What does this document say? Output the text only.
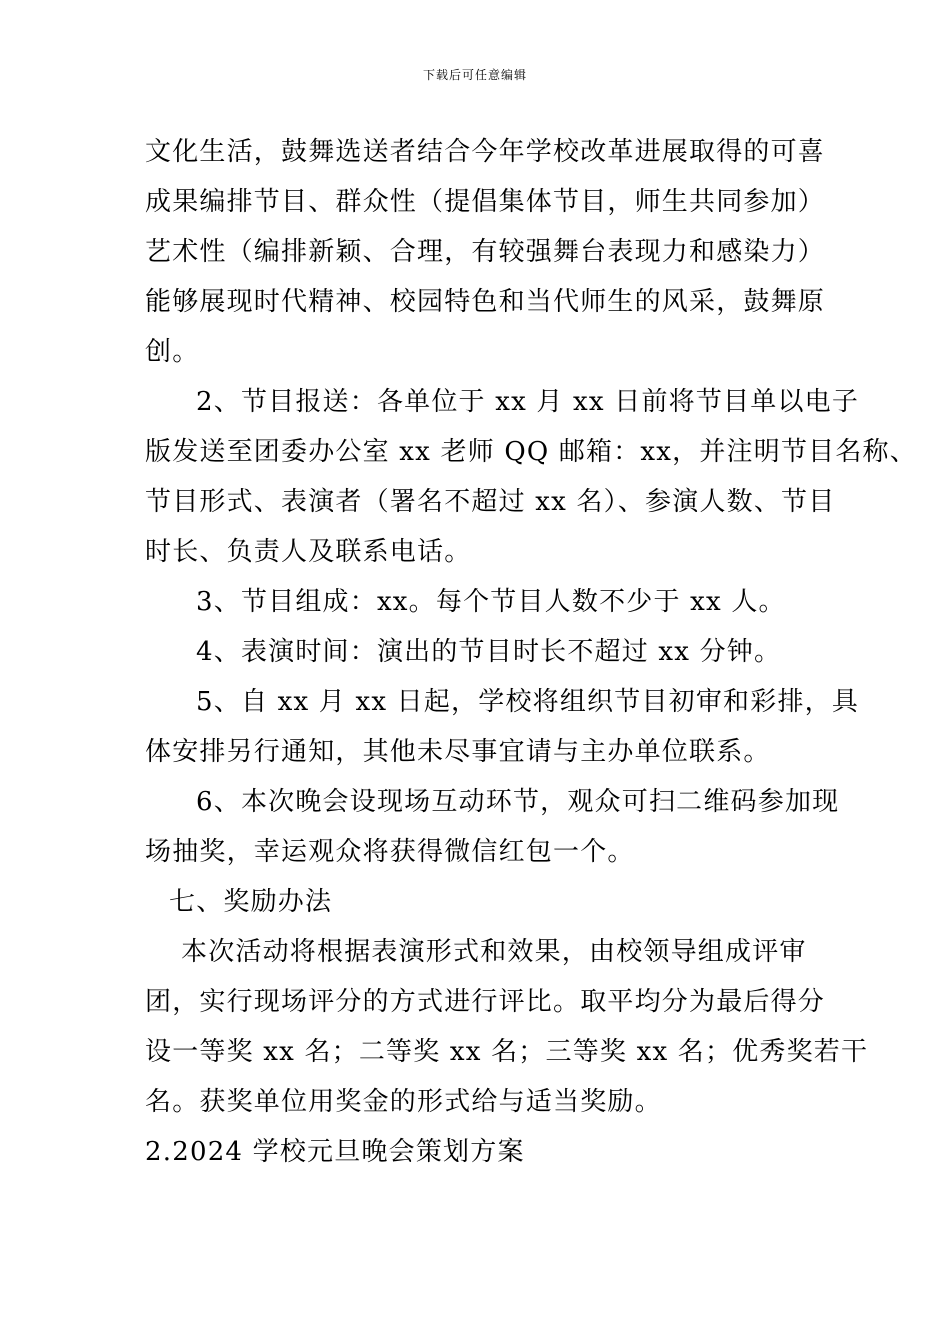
下载后可任意编辑
文化生活，鼓舞选送者结合今年学校改革进展取得的可喜
成果编排节目、群众性（提倡集体节目，师生共同参加）
艺术性（编排新颖、合理，有较强舞台表现力和感染力）
能够展现时代精神、校园特色和当代师生的风采，鼓舞原
创。
2、节目报送：各单位于 xx 月 xx 日前将节目单以电子
版发送至团委办公室 xx 老师 QQ 邮箱：xx，并注明节目名称、
节目形式、表演者（署名不超过 xx 名）、参演人数、节目
时长、负责人及联系电话。
3、节目组成：xx。每个节目人数不少于 xx 人。
4、表演时间：演出的节目时长不超过 xx 分钟。
5、自 xx 月 xx 日起，学校将组织节目初审和彩排，具
体安排另行通知，其他未尽事宜请与主办单位联系。
6、本次晚会设现场互动环节，观众可扫二维码参加现
场抽奖，幸运观众将获得微信红包一个。
七、奖励办法
本次活动将根据表演形式和效果，由校领导组成评审
团，实行现场评分的方式进行评比。取平均分为最后得分
设一等奖 xx 名；二等奖 xx 名；三等奖 xx 名；优秀奖若干
名。获奖单位用奖金的形式给与适当奖励。
2.2024 学校元旦晚会策划方案
